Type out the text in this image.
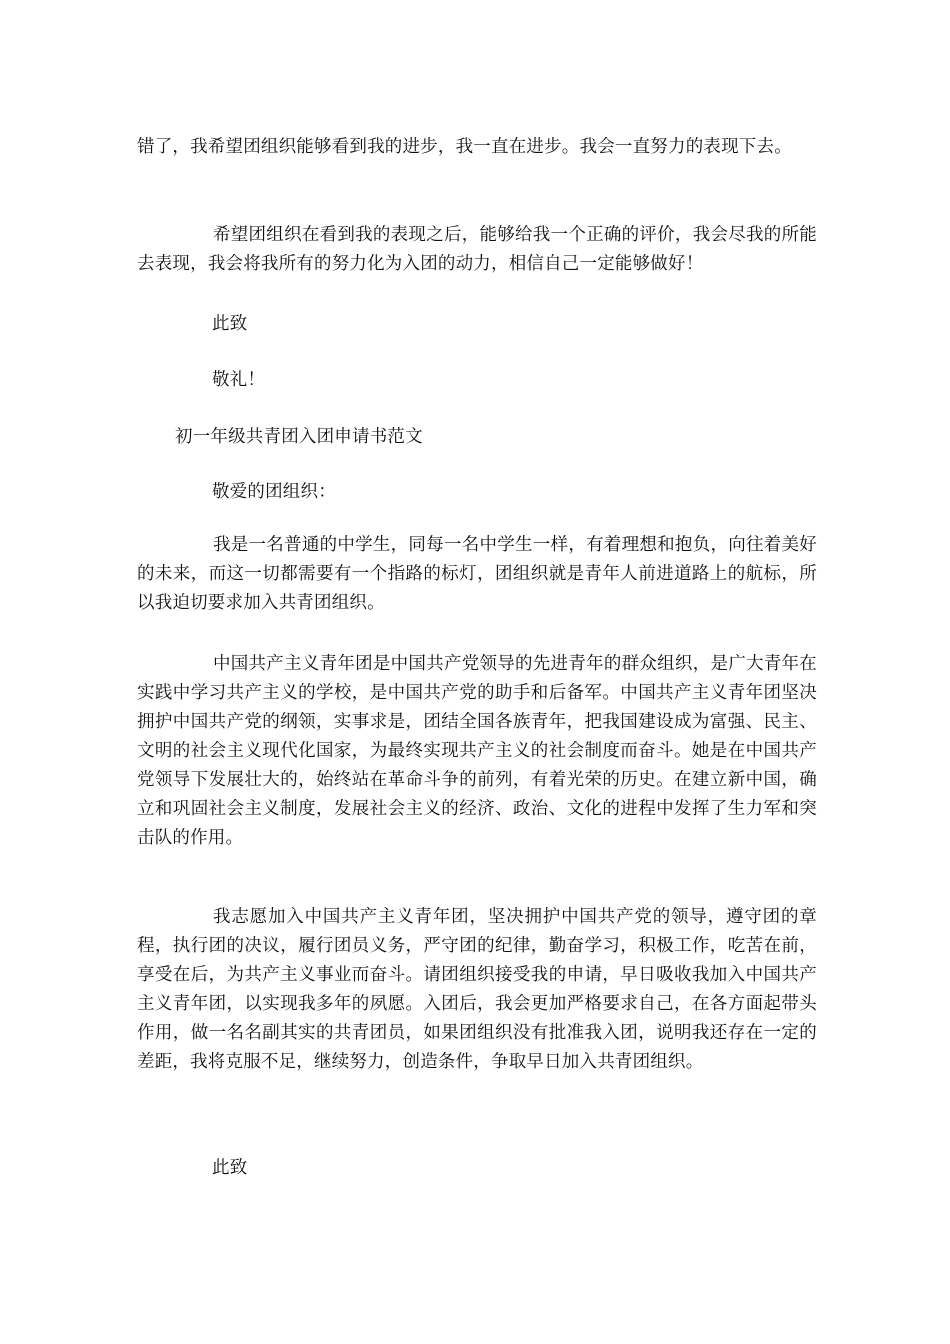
错了，我希望团组织能够看到我的进步，我一直在进步。我会一直努力的表现下去。

希望团组织在看到我的表现之后，能够给我一个正确的评价，我会尽我的所能去表现，我会将我所有的努力化为入团的动力，相信自己一定能够做好！

此致

敬礼！

初一年级共青团入团申请书范文

敬爱的团组织：

我是一名普通的中学生，同每一名中学生一样，有着理想和抱负，向往着美好的未来，而这一切都需要有一个指路的标灯，团组织就是青年人前进道路上的航标，所以我迫切要求加入共青团组织。

中国共产主义青年团是中国共产党领导的先进青年的群众组织，是广大青年在实践中学习共产主义的学校，是中国共产党的助手和后备军。中国共产主义青年团坚决拥护中国共产党的纲领，实事求是，团结全国各族青年，把我国建设成为富强、民主、文明的社会主义现代化国家，为最终实现共产主义的社会制度而奋斗。她是在中国共产党领导下发展壮大的，始终站在革命斗争的前列，有着光荣的历史。在建立新中国，确立和巩固社会主义制度，发展社会主义的经济、政治、文化的进程中发挥了生力军和突击队的作用。

我志愿加入中国共产主义青年团，坚决拥护中国共产党的领导，遵守团的章程，执行团的决议，履行团员义务，严守团的纪律，勤奋学习，积极工作，吃苦在前，享受在后，为共产主义事业而奋斗。请团组织接受我的申请，早日吸收我加入中国共产主义青年团，以实现我多年的夙愿。入团后，我会更加严格要求自己，在各方面起带头作用，做一名名副其实的共青团员，如果团组织没有批准我入团，说明我还存在一定的差距，我将克服不足，继续努力，创造条件，争取早日加入共青团组织。

此致
